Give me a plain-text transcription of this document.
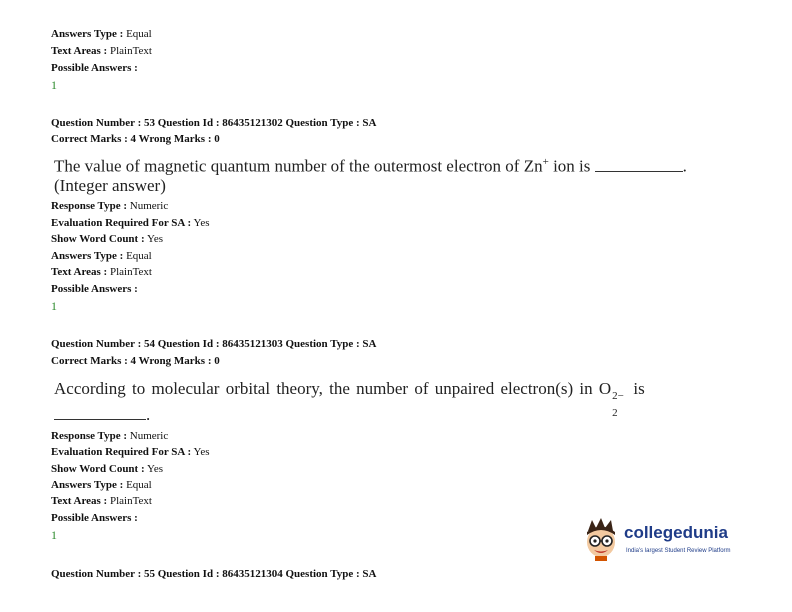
Answers Type : Equal
Text Areas : PlainText
Possible Answers :
1
Question Number : 53 Question Id : 86435121302 Question Type : SA
Correct Marks : 4 Wrong Marks : 0
The value of magnetic quantum number of the outermost electron of Zn+ ion is	.
(Integer answer)
Response Type : Numeric
Evaluation Required For SA : Yes
Show Word Count : Yes
Answers Type : Equal
Text Areas : PlainText
Possible Answers :
1
Question Number : 54 Question Id : 86435121303 Question Type : SA
Correct Marks : 4 Wrong Marks : 0
According to molecular orbital theory, the number of unpaired electron(s) in O 2−
2
is
.
Response Type : Numeric
Evaluation Required For SA : Yes
Show Word Count : Yes
Answers Type : Equal
Text Areas : PlainText
Possible Answers :
1
Question Number : 55 Question Id : 86435121304 Question Type : SA
collegedunia
India's largest Student Review Platform
